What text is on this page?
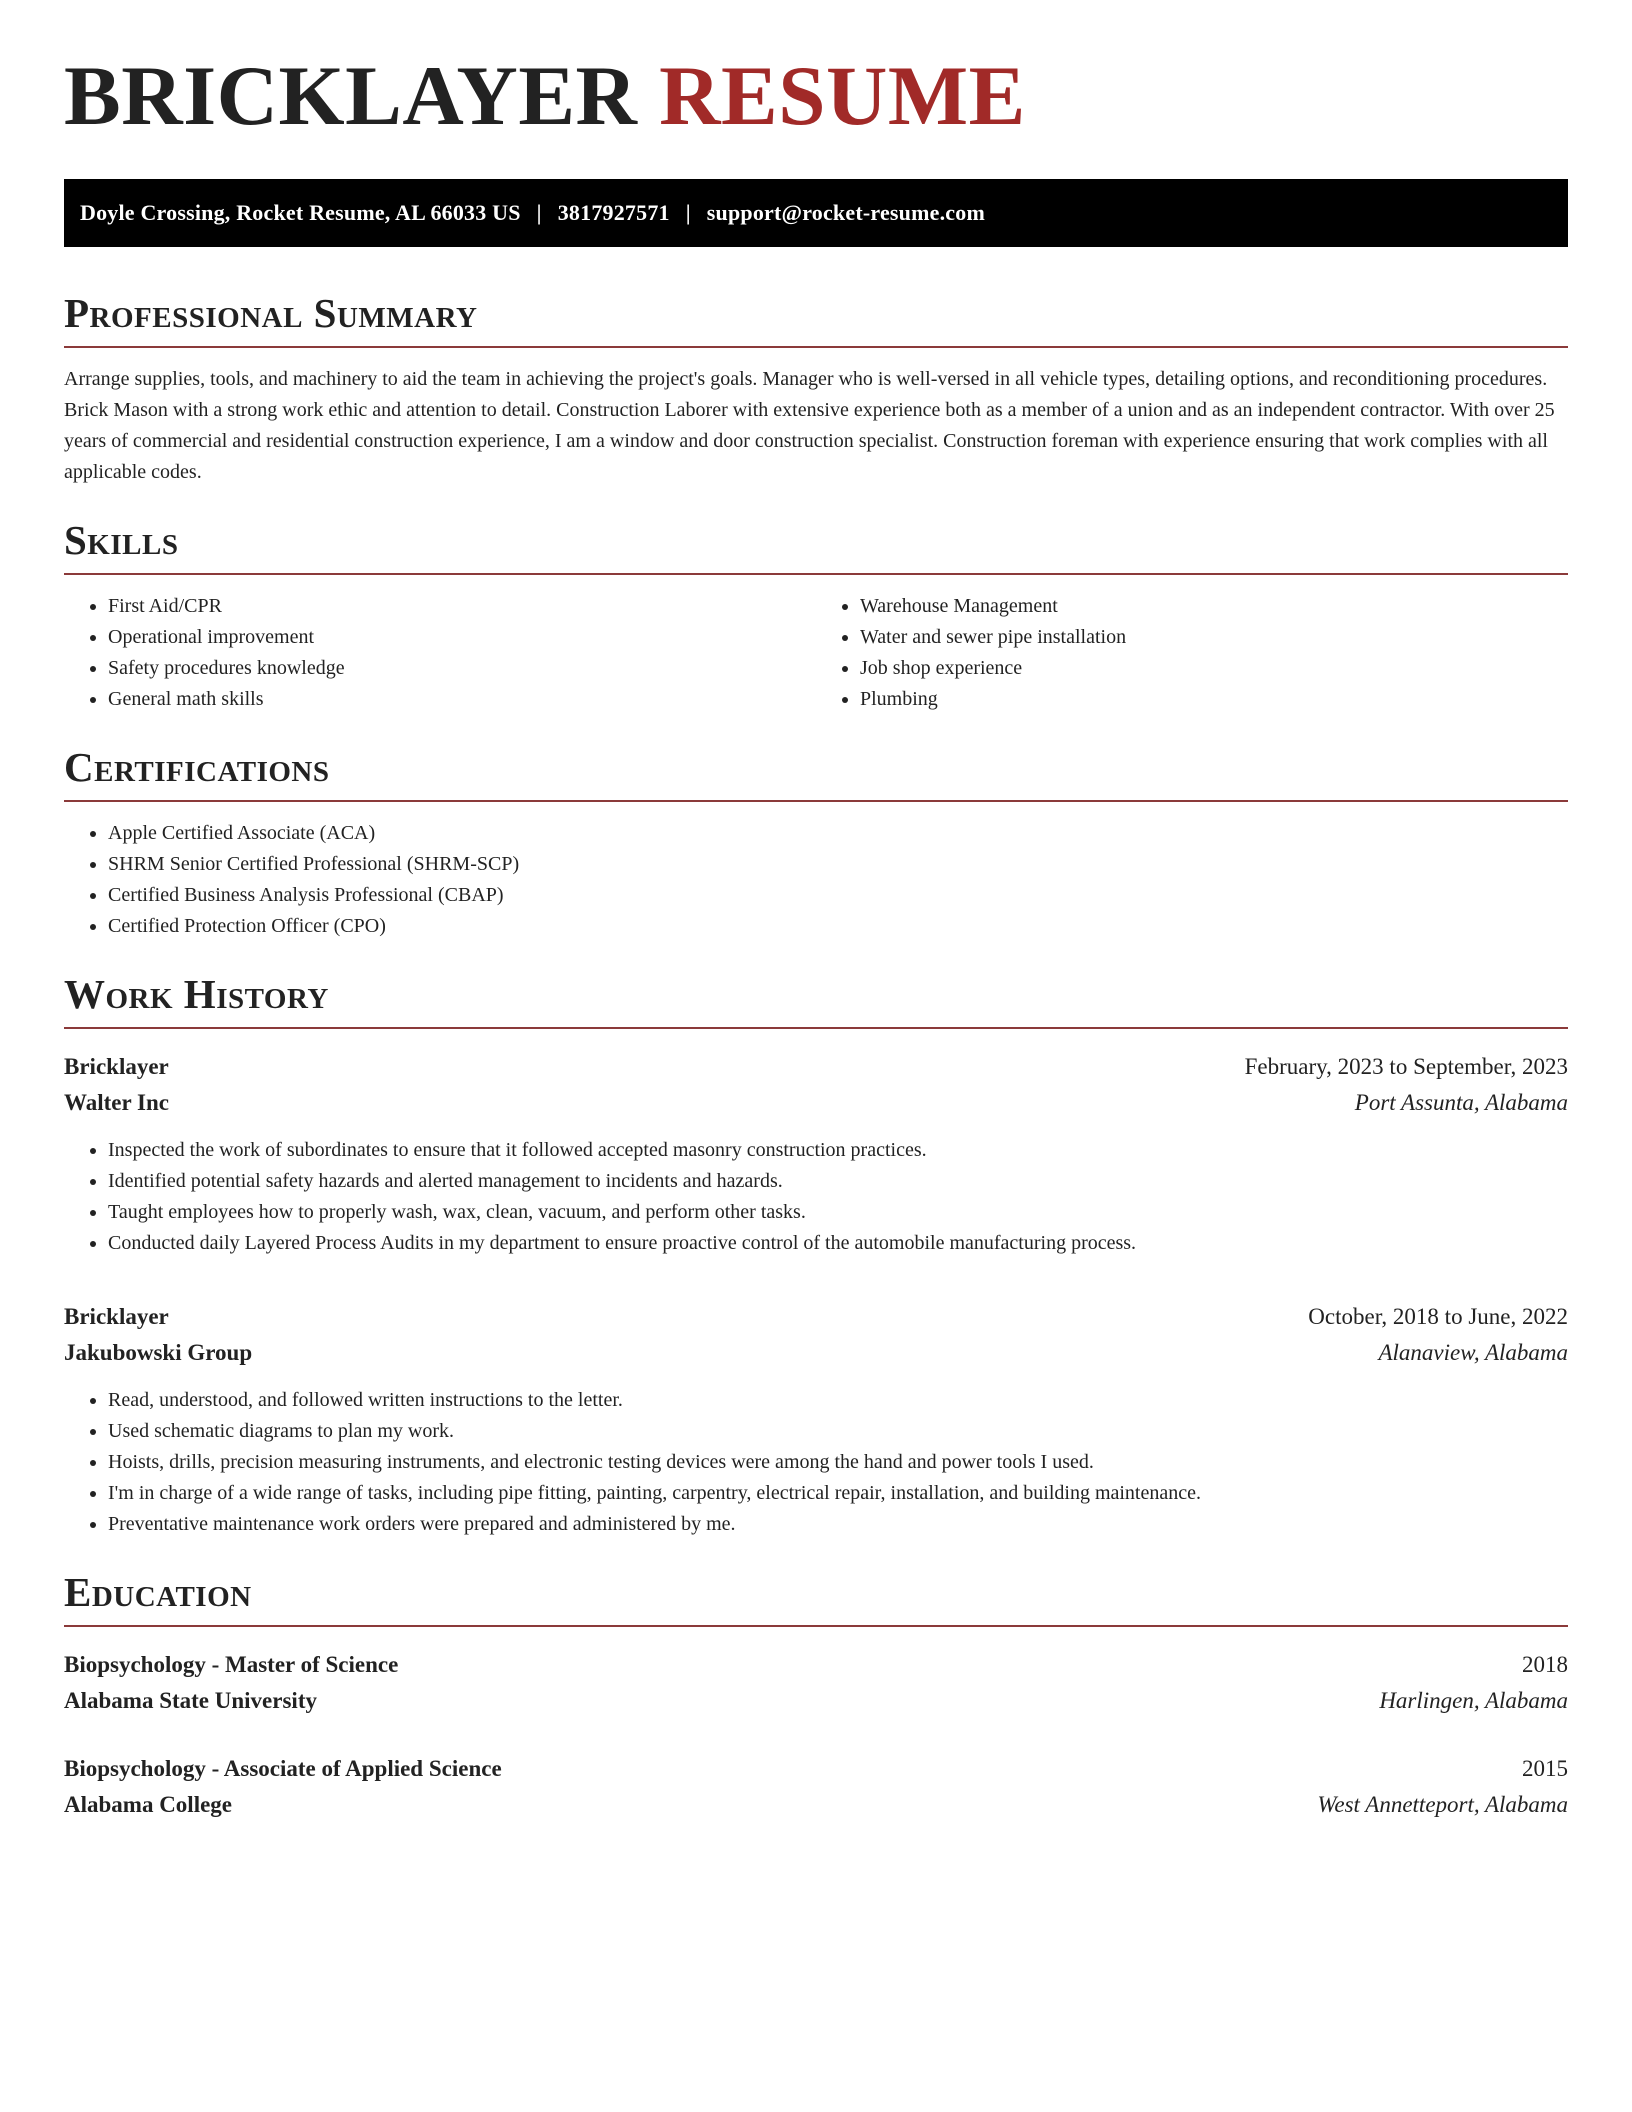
BRICKLAYER RESUME
Doyle Crossing, Rocket Resume, AL 66033 US | 3817927571 | support@rocket-resume.com
Professional Summary

Arrange supplies, tools, and machinery to aid the team in achieving the project's goals. Manager who is well-versed in all vehicle types, detailing options, and reconditioning procedures. Brick Mason with a strong work ethic and attention to detail. Construction Laborer with extensive experience both as a member of a union and as an independent contractor. With over 25 years of commercial and residential construction experience, I am a window and door construction specialist. Construction foreman with experience ensuring that work complies with all applicable codes.

Skills
• First Aid/CPR
• Operational improvement
• Safety procedures knowledge
• General math skills
• Warehouse Management
• Water and sewer pipe installation
• Job shop experience
• Plumbing
Certifications
• Apple Certified Associate (ACA)
• SHRM Senior Certified Professional (SHRM-SCP)
• Certified Business Analysis Professional (CBAP)
• Certified Protection Officer (CPO)
Work History
Bricklayer	February, 2023 to September, 2023
Walter Inc	Port Assunta, Alabama
• Inspected the work of subordinates to ensure that it followed accepted masonry construction practices.
• Identified potential safety hazards and alerted management to incidents and hazards.
• Taught employees how to properly wash, wax, clean, vacuum, and perform other tasks.
• Conducted daily Layered Process Audits in my department to ensure proactive control of the automobile manufacturing process.
Bricklayer	October, 2018 to June, 2022
Jakubowski Group	Alanaview, Alabama
• Read, understood, and followed written instructions to the letter.
• Used schematic diagrams to plan my work.
• Hoists, drills, precision measuring instruments, and electronic testing devices were among the hand and power tools I used.
• I'm in charge of a wide range of tasks, including pipe fitting, painting, carpentry, electrical repair, installation, and building maintenance.
• Preventative maintenance work orders were prepared and administered by me.
Education
Biopsychology - Master of Science	2018
Alabama State University	Harlingen, Alabama
Biopsychology - Associate of Applied Science	2015
Alabama College	West Annetteport, Alabama
